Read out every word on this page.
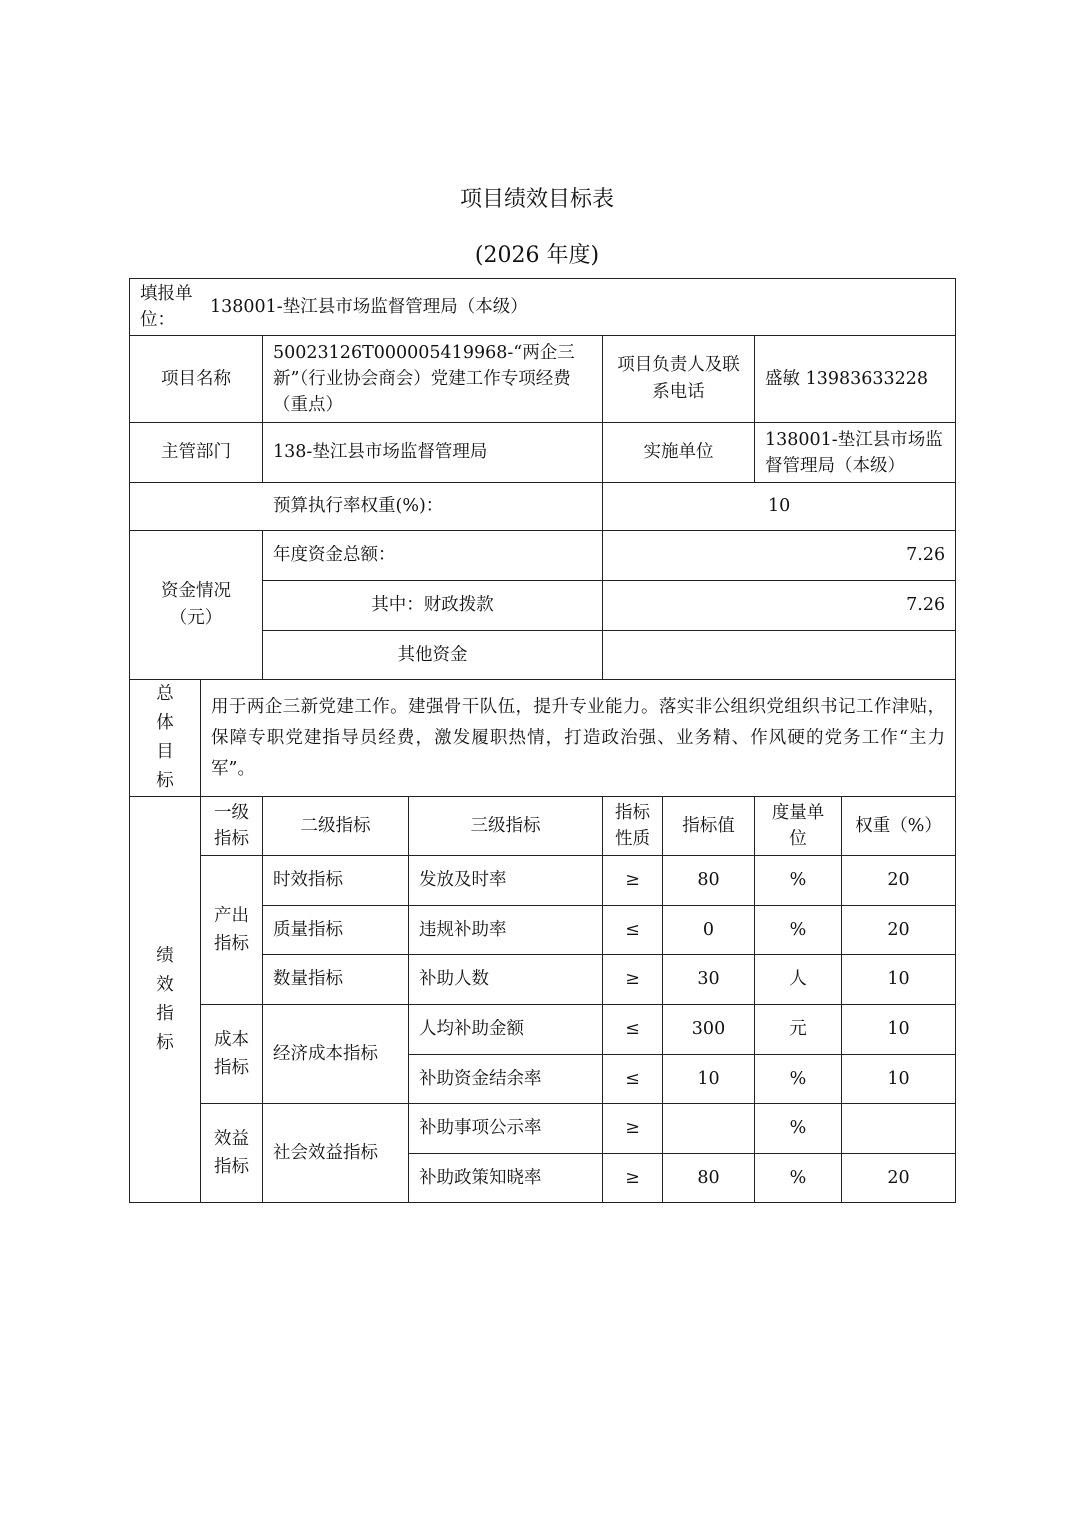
项目绩效目标表
(2026 年度)
填报单位：
138001-垫江县市场监督管理局（本级）							

项目名称		50023126T000005419968-“两企三新”（行业协会商会）党建工作专项经费（重点）		项目负责人及联系电话		盛敏 13983633228	
主管部门		138-垫江县市场监督管理局		实施单位		138001-垫江县市场监督管理局（本级）	
预算执行率权重(%)：				10			
资金情况（元）		年度资金总额：		7.26			
		其中：财政拨款		7.26			
		其他资金					
总体目标	用于两企三新党建工作。建强骨干队伍，提升专业能力。落实非公组织党组织书记工作津贴，保障专职党建指导员经费，激发履职热情，打造政治强、业务精、作风硬的党务工作“主力军”。						
绩效指标	一级指标	二级指标	三级指标	指标性质	指标值	度量单位	权重（%）
	产出指标	时效指标	发放及时率	≥	80	%	20
		质量指标	违规补助率	≤	0	%	20
		数量指标	补助人数	≥	30	人	10
	成本指标	经济成本指标	人均补助金额	≤	300	元	10
			补助资金结余率	≤	10	%	10
	效益指标	社会效益指标	补助事项公示率	≥		%	
			补助政策知晓率	≥	80	%	20
